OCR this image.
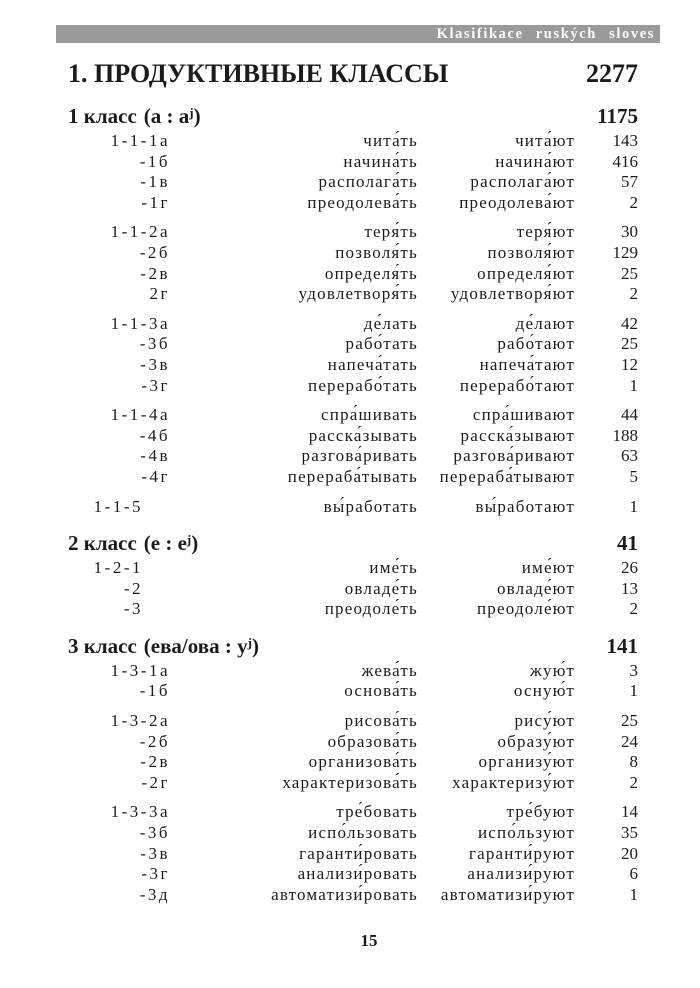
Klasifikace ruských sloves
1. ПРОДУКТИВНЫЕ КЛАССЫ	2277
1 класс (а : $а^j$)	1175
1-1-1а	чита́ть	чита́ют	143
-1б	начина́ть	начина́ют	416
-1в	располага́ть	располага́ют	57
-1г	преодолева́ть	преодолева́ют	2
1-1-2а	теря́ть	теря́ют	30
-2б	позволя́ть	позволя́ют	129
-2в	определя́ть	определя́ют	25
2г	удовлетворя́ть	удовлетворя́ют	2
1-1-3а	де́лать	де́лают	42
-3б	рабо́тать	рабо́тают	25
-3в	напеча́тать	напеча́тают	12
-3г	перерабо́тать	перерабо́тают	1
1-1-4а	спра́шивать	спра́шивают	44
-4б	расска́зывать	расска́зывают	188
-4в	разгова́ривать	разгова́ривают	63
-4г	перераба́тывать	перераба́тывают	5
1-1-5	вы́работать	вы́работают	1
2 класс (е : $е^j$)	41
1-2-1	име́ть	име́ют	26
-2	овладе́ть	овладе́ют	13
-3	преодоле́ть	преодоле́ют	2
3 класс (ева/ова : $у^j$)	141
1-3-1а	жева́ть	жую́т	3
-1б	основа́ть	осную́т	1
1-3-2а	рисова́ть	рису́ют	25
-2б	образова́ть	образу́ют	24
-2в	организова́ть	организу́ют	8
-2г	характеризова́ть	характеризу́ют	2
1-3-3а	тре́бовать	тре́буют	14
-3б	испо́льзовать	испо́льзуют	35
-3в	гаранти́ровать	гаранти́руют	20
-3г	анализи́ровать	анализи́руют	6
-3д	автоматизи́ровать	автоматизи́руют	1
15
